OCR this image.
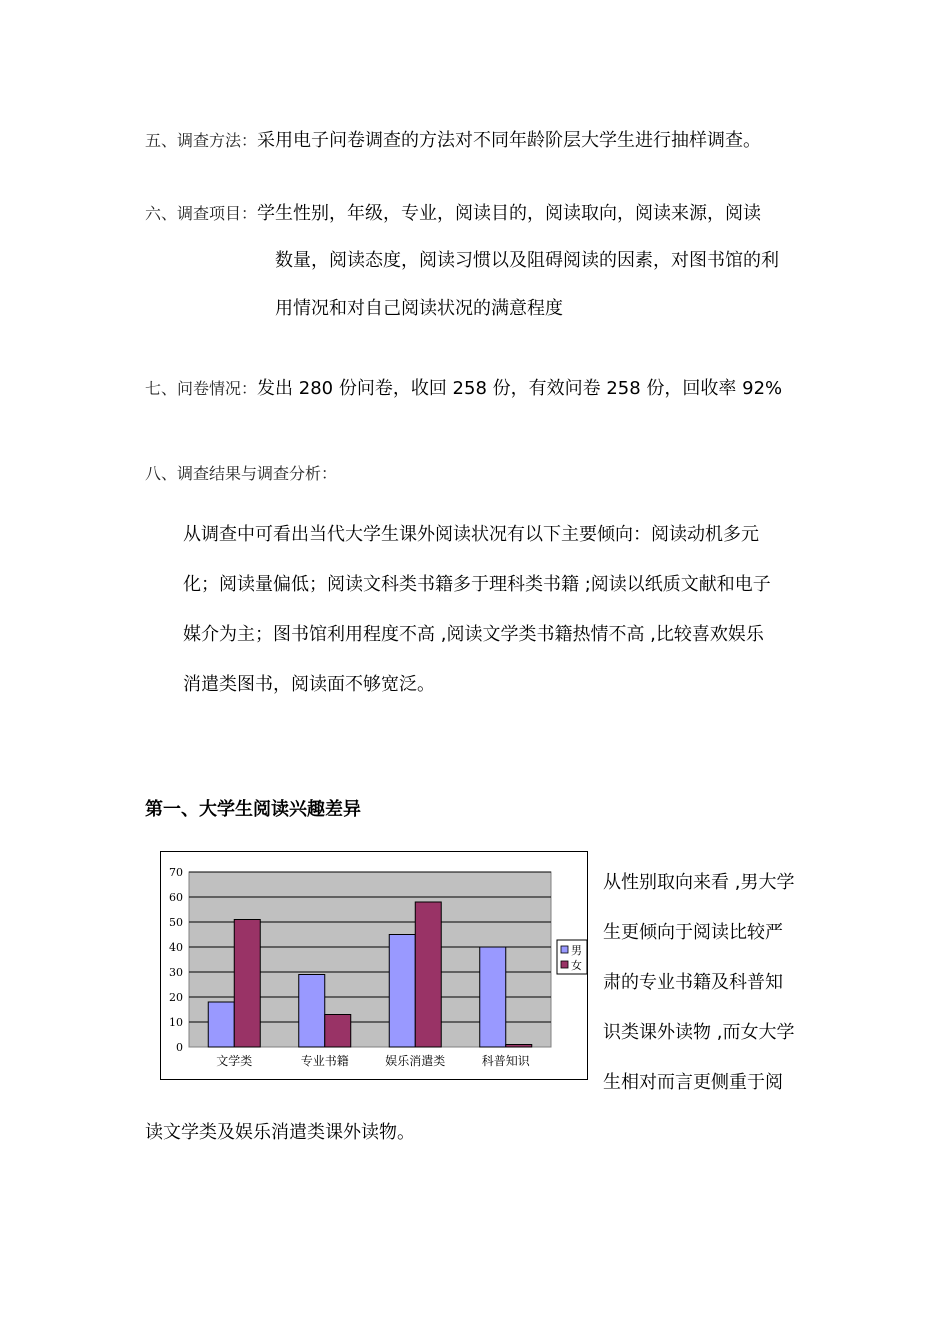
五、调查方法：采用电子问卷调查的方法对不同年龄阶层大学生进行抽样调查。
六、调查项目：学生性别，年级，专业，阅读目的，阅读取向，阅读来源，阅读
数量，阅读态度，阅读习惯以及阻碍阅读的因素，对图书馆的利
用情况和对自己阅读状况的满意程度
七、问卷情况：发出 280 份问卷，收回 258 份，有效问卷 258 份，回收率 92%
八、调查结果与调查分析：
从调查中可看出当代大学生课外阅读状况有以下主要倾向：阅读动机多元
化；阅读量偏低；阅读文科类书籍多于理科类书籍 ;阅读以纸质文献和电子
媒介为主；图书馆利用程度不高 ,阅读文学类书籍热情不高 ,比较喜欢娱乐
消遣类图书，阅读面不够宽泛。
第一、大学生阅读兴趣差异
0
10
20
30
40
50
60
70
文学类	专业书籍	娱乐消遣类	科普知识
男
女
从性别取向来看 ,男大学
生更倾向于阅读比较严
肃的专业书籍及科普知
识类课外读物 ,而女大学
生相对而言更侧重于阅
读文学类及娱乐消遣类课外读物。
